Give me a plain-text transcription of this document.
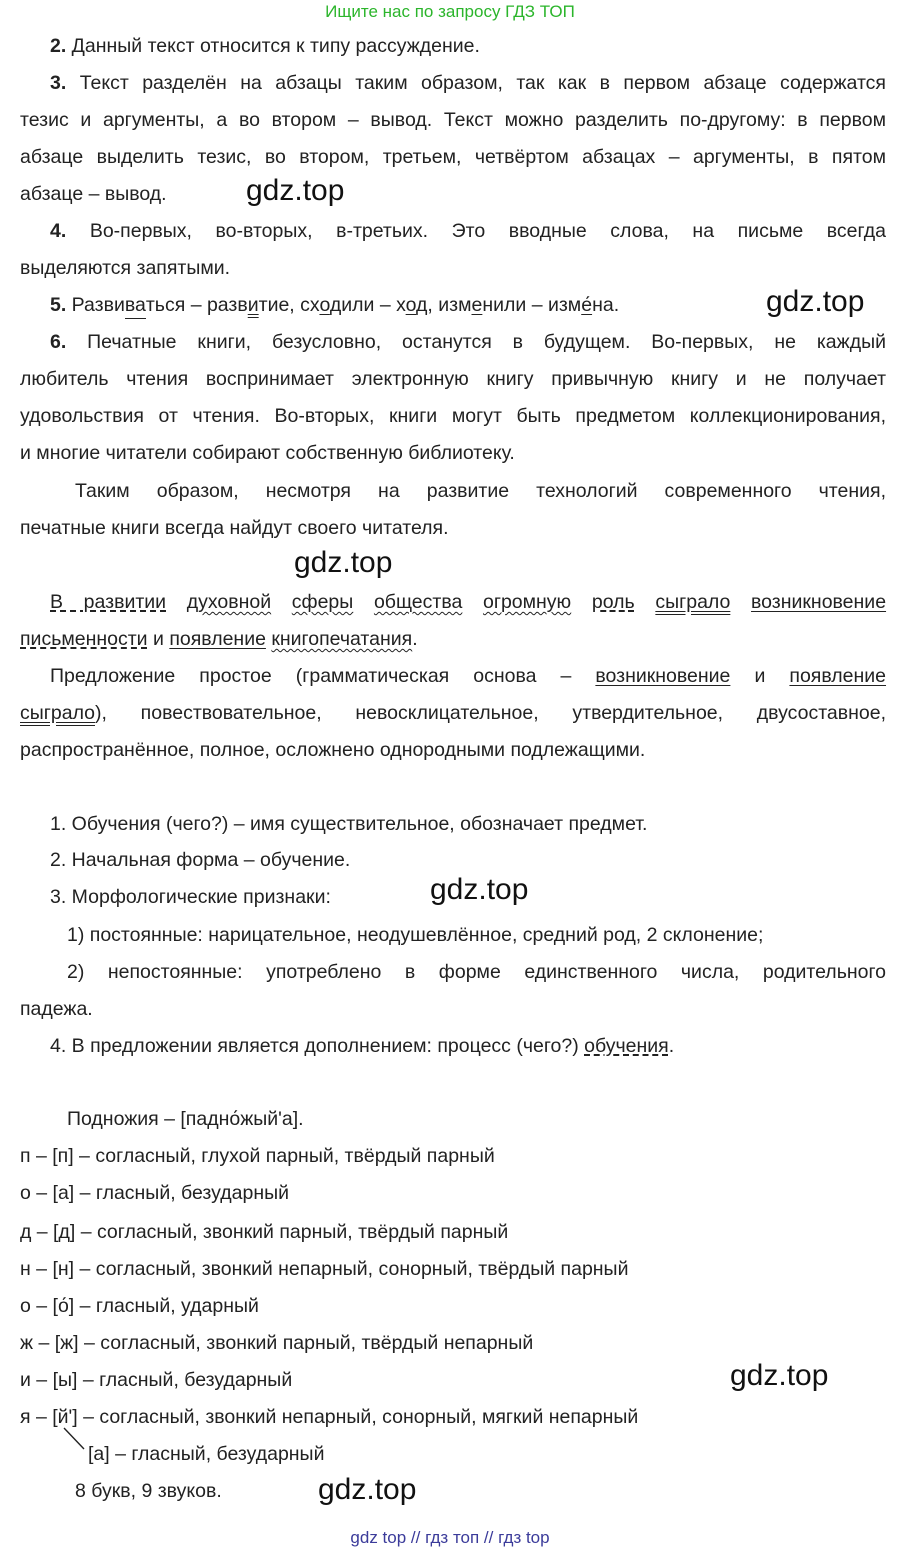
Ищите нас по запросу ГДЗ ТОП
2. Данный текст относится к типу рассуждение.
3. Текст разделён на абзацы таким образом, так как в первом абзаце содержатся
тезис и аргументы, а во втором – вывод. Текст можно разделить по-другому: в первом
абзаце выделить тезис, во втором, третьем, четвёртом абзацах – аргументы, в пятом
абзаце – вывод.	gdz.top
4. Во-первых, во-вторых, в-третьих. Это вводные слова, на письме всегда
выделяются запятыми.
5. Развиваться – развитие, сходили – ход, изменили – изме́на.	gdz.top
6. Печатные книги, безусловно, останутся в будущем. Во-первых, не каждый
любитель чтения воспринимает электронную книгу привычную книгу и не получает
удовольствия от чтения. Во-вторых, книги могут быть предметом коллекционирования,
и многие читатели собирают собственную библиотеку.
Таким образом, несмотря на развитие технологий современного чтения,
печатные книги всегда найдут своего читателя.
gdz.top
В развитии духовной сферы общества огромную роль сыграло возникновение
письменности и появление книгопечатания.
Предложение простое (грамматическая основа – возникновение и появление
сыграло), повествовательное, невосклицательное, утвердительное, двусоставное,
распространённое, полное, осложнено однородными подлежащими.
1. Обучения (чего?) – имя существительное, обозначает предмет.
2. Начальная форма – обучение.
3. Морфологические признаки:	gdz.top
1) постоянные: нарицательное, неодушевлённое, средний род, 2 склонение;
2) непостоянные: употреблено в форме единственного числа, родительного
падежа.
4. В предложении является дополнением: процесс (чего?) обучения.
Подножия – [падно́жый'а].
п – [п] – согласный, глухой парный, твёрдый парный
о – [а] – гласный, безударный
д – [д] – согласный, звонкий парный, твёрдый парный
н – [н] – согласный, звонкий непарный, сонорный, твёрдый парный
о – [о́] – гласный, ударный
ж – [ж] – согласный, звонкий парный, твёрдый непарный
и – [ы] – гласный, безударный	gdz.top
я – [й'] – согласный, звонкий непарный, сонорный, мягкий непарный
[а] – гласный, безударный
8 букв, 9 звуков.	gdz.top
gdz top // гдз топ // гдз top
